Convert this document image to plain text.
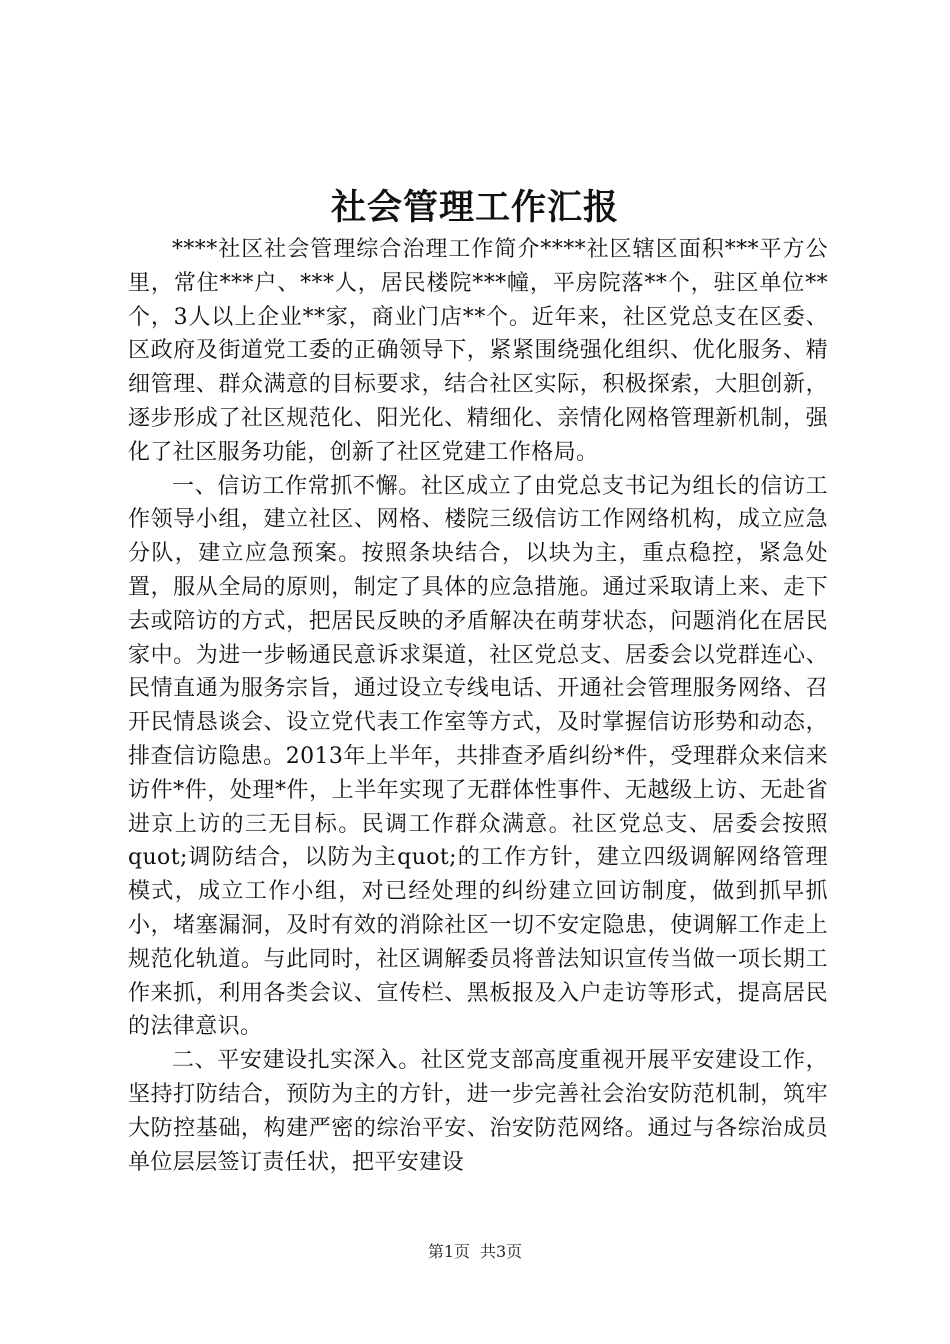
社会管理工作汇报

****社区社会管理综合治理工作简介****社区辖区面积***平方公里，常住***户、***人，居民楼院***幢，平房院落**个，驻区单位**个，3人以上企业**家，商业门店**个。近年来，社区党总支在区委、区政府及街道党工委的正确领导下，紧紧围绕强化组织、优化服务、精细管理、群众满意的目标要求，结合社区实际，积极探索，大胆创新，逐步形成了社区规范化、阳光化、精细化、亲情化网格管理新机制，强化了社区服务功能，创新了社区党建工作格局。

一、信访工作常抓不懈。社区成立了由党总支书记为组长的信访工作领导小组，建立社区、网格、楼院三级信访工作网络机构，成立应急分队，建立应急预案。按照条块结合，以块为主，重点稳控，紧急处置，服从全局的原则，制定了具体的应急措施。通过采取请上来、走下去或陪访的方式，把居民反映的矛盾解决在萌芽状态，问题消化在居民家中。为进一步畅通民意诉求渠道，社区党总支、居委会以党群连心、民情直通为服务宗旨，通过设立专线电话、开通社会管理服务网络、召开民情恳谈会、设立党代表工作室等方式，及时掌握信访形势和动态，排查信访隐患。2013年上半年，共排查矛盾纠纷*件，受理群众来信来访件*件，处理*件，上半年实现了无群体性事件、无越级上访、无赴省进京上访的三无目标。民调工作群众满意。社区党总支、居委会按照quot;调防结合，以防为主quot;的工作方针，建立四级调解网络管理模式，成立工作小组，对已经处理的纠纷建立回访制度，做到抓早抓小，堵塞漏洞，及时有效的消除社区一切不安定隐患，使调解工作走上规范化轨道。与此同时，社区调解委员将普法知识宣传当做一项长期工作来抓，利用各类会议、宣传栏、黑板报及入户走访等形式，提高居民的法律意识。

二、平安建设扎实深入。社区党支部高度重视开展平安建设工作，坚持打防结合，预防为主的方针，进一步完善社会治安防范机制，筑牢大防控基础，构建严密的综治平安、治安防范网络。通过与各综治成员单位层层签订责任状，把平安建设

第1页 共3页
